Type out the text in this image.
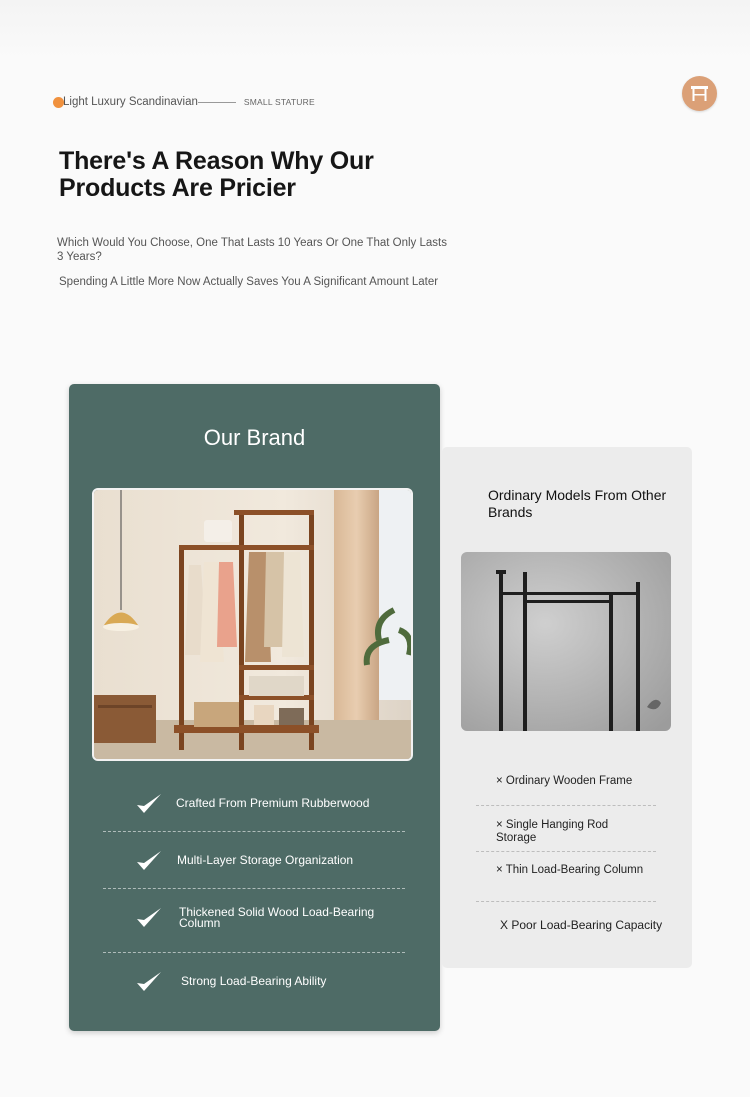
Light Luxury Scandinavian	SMALL STATURE
There's A Reason Why Our Products Are Pricier
Which Would You Choose, One That Lasts 10 Years Or One That Only Lasts 3 Years?
Spending A Little More Now Actually Saves You A Significant Amount Later
Our Brand
Crafted From Premium Rubberwood
Multi-Layer Storage Organization
Thickened Solid Wood Load-Bearing Column
Strong Load-Bearing Ability
Ordinary Models From Other Brands
× Ordinary Wooden Frame
× Single Hanging Rod Storage
× Thin Load-Bearing Column
X Poor Load-Bearing Capacity
